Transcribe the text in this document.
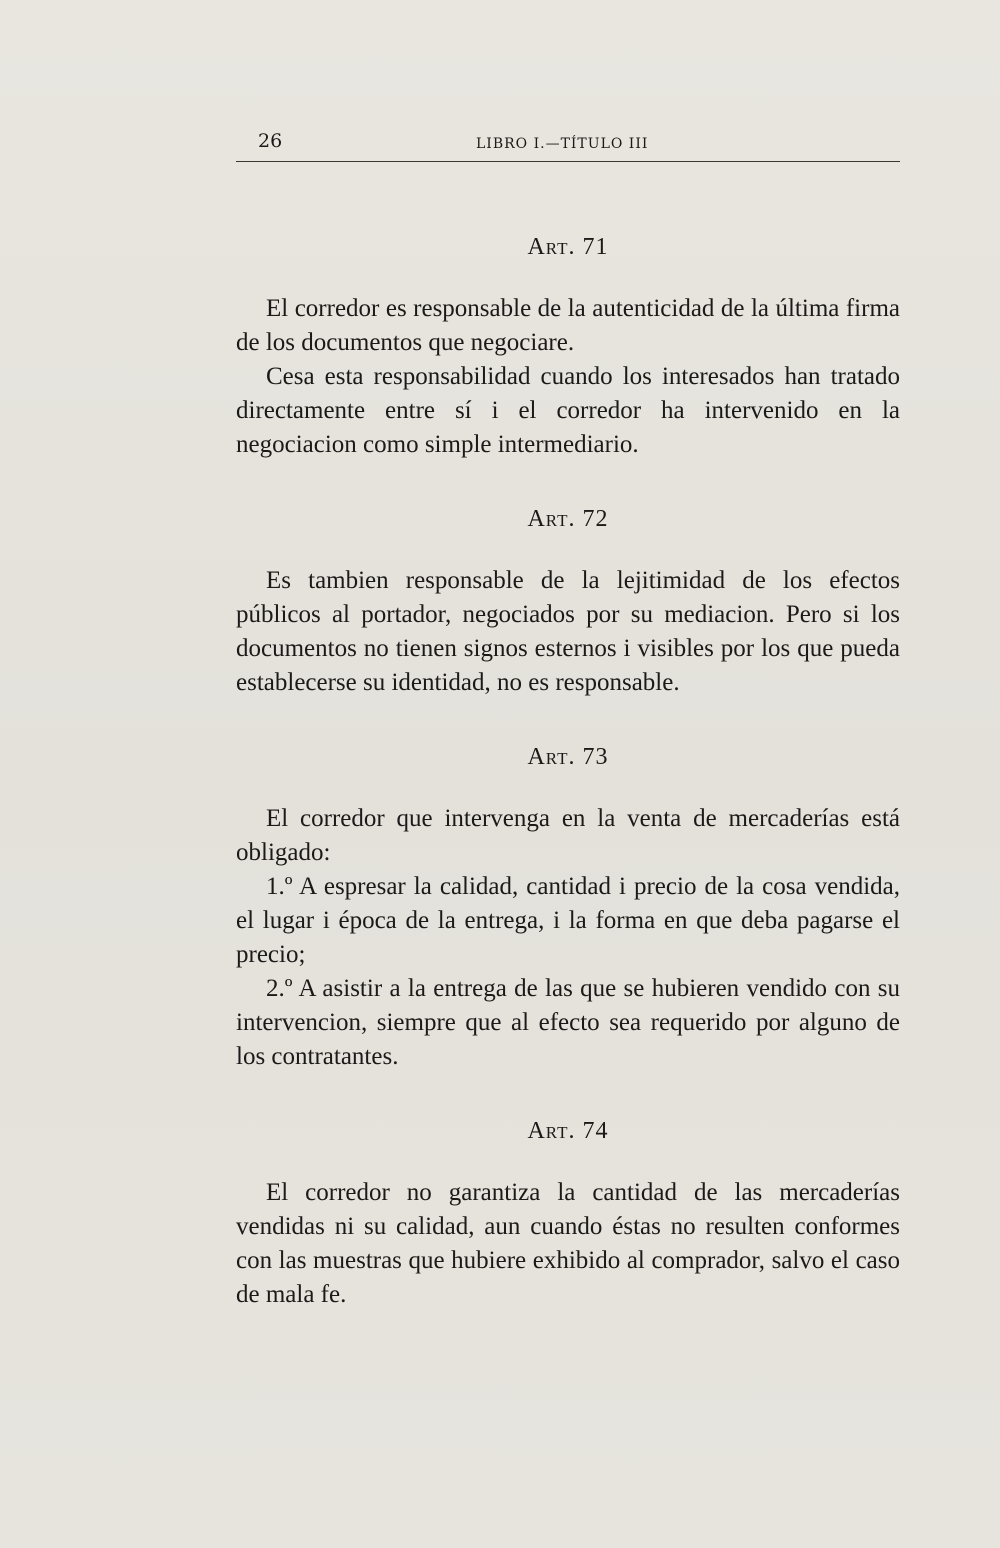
26	LIBRO I.—TÍTULO III
Art. 71

El corredor es responsable de la autenticidad de la última firma de los documentos que negociare.

Cesa esta responsabilidad cuando los interesados han tratado directamente entre sí i el corredor ha intervenido en la negociacion como simple intermediario.

Art. 72

Es tambien responsable de la lejitimidad de los efectos públicos al portador, negociados por su mediacion. Pero si los documentos no tienen signos esternos i visibles por los que pueda establecerse su identidad, no es responsable.

Art. 73

El corredor que intervenga en la venta de mercaderías está obligado:

1.º A espresar la calidad, cantidad i precio de la cosa vendida, el lugar i época de la entrega, i la forma en que deba pagarse el precio;

2.º A asistir a la entrega de las que se hubieren vendido con su intervencion, siempre que al efecto sea requerido por alguno de los contratantes.

Art. 74

El corredor no garantiza la cantidad de las mercaderías vendidas ni su calidad, aun cuando éstas no resulten conformes con las muestras que hubiere exhibido al comprador, salvo el caso de mala fe.
